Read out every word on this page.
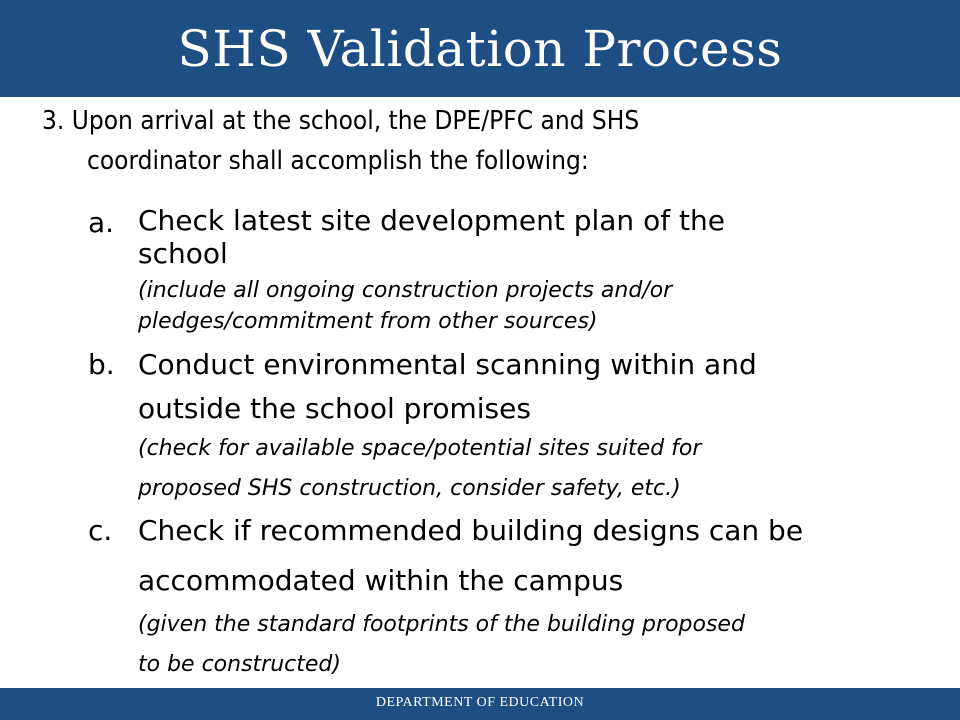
SHS Validation Process
3. Upon arrival at the school, the DPE/PFC and SHS
coordinator shall accomplish the following:
a. Check latest site development plan of the
school
(include all ongoing construction projects and/or
pledges/commitment from other sources)
b. Conduct environmental scanning within and
outside the school promises
(check for available space/potential sites suited for
proposed SHS construction, consider safety, etc.)
c. Check if recommended building designs can be
accommodated within the campus
(given the standard footprints of the building proposed
to be constructed)
DEPARTMENT OF EDUCATION
